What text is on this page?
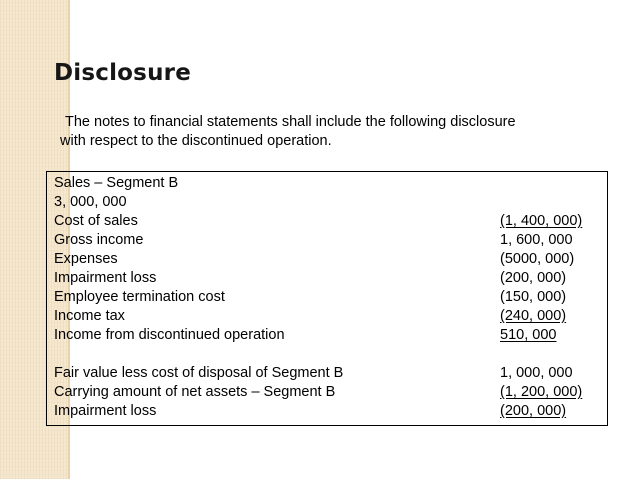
Disclosure
The notes to financial statements shall include the following disclosure
with respect to the discontinued operation.
Sales – Segment B
3, 000, 000
Cost of sales	(1, 400, 000)
Gross income	1, 600, 000
Expenses	(5000, 000)
Impairment loss	(200, 000)
Employee termination cost	(150, 000)
Income tax	(240, 000)
Income from discontinued operation	510, 000
Fair value less cost of disposal of Segment B	1, 000, 000
Carrying amount of net assets – Segment B	(1, 200, 000)
Impairment loss	(200, 000)
